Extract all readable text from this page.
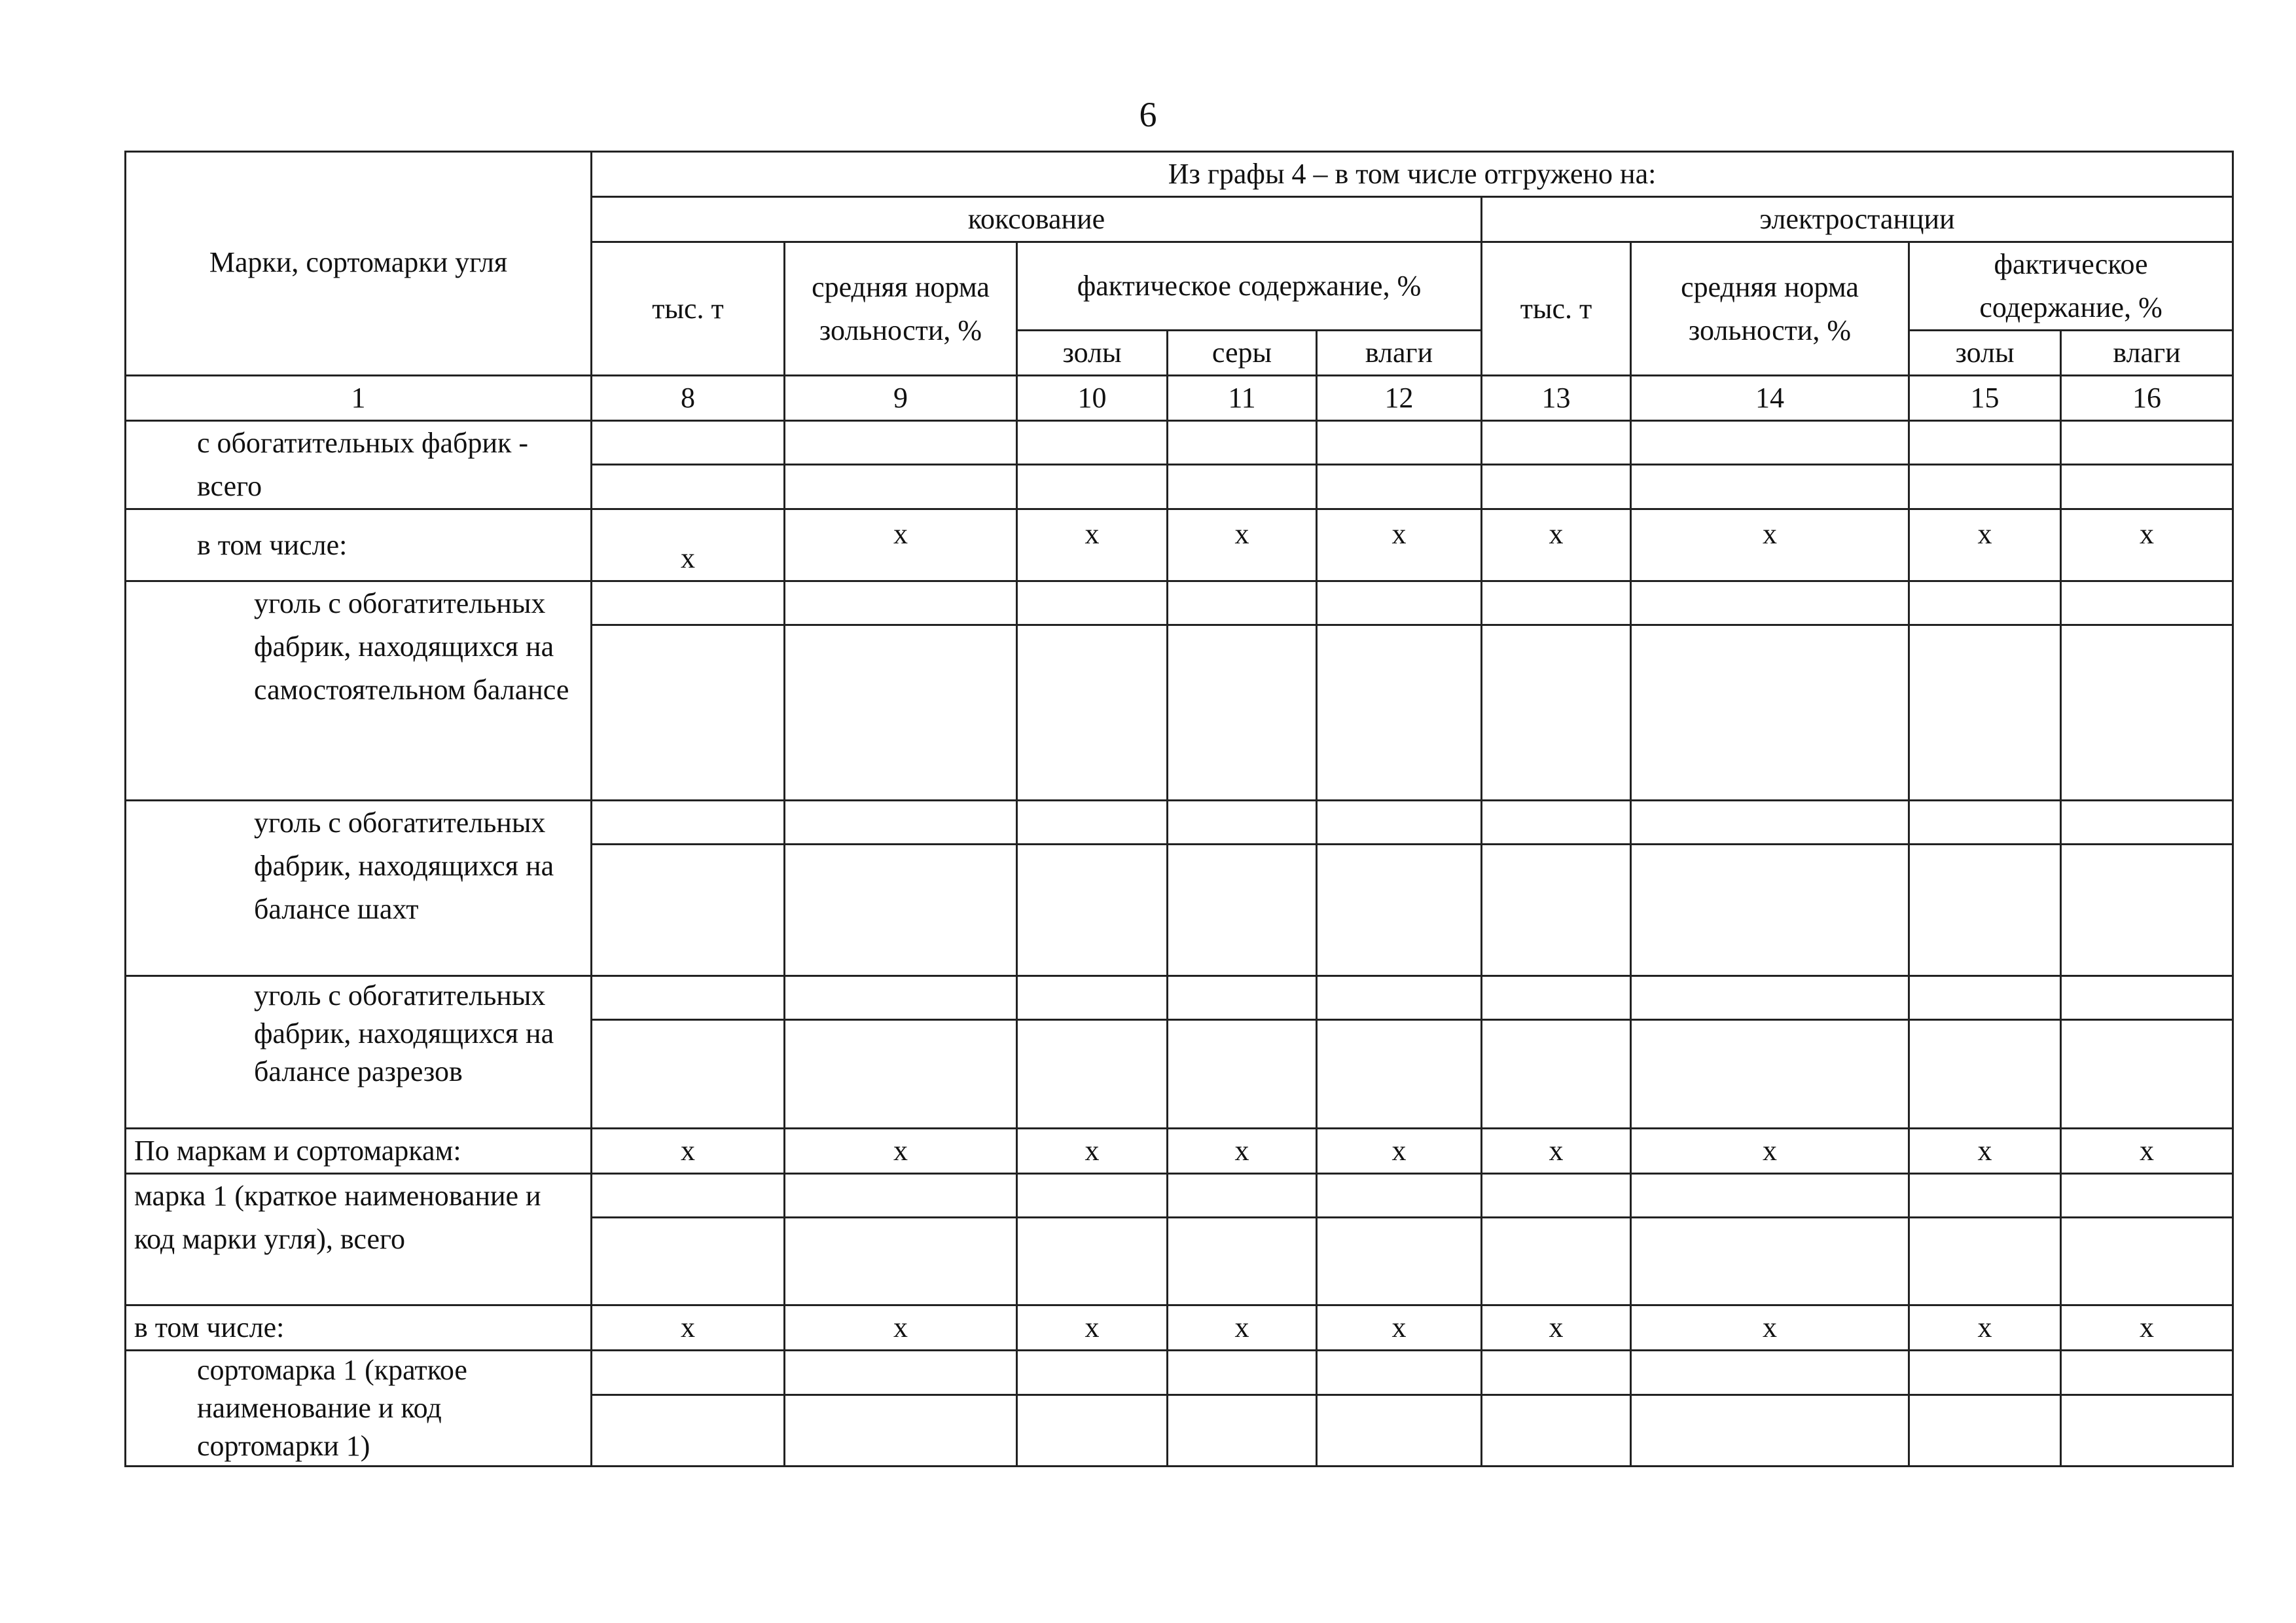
6
Марки, сортомарки угля	Из графы 4 – в том числе отгружено на:								
	коксование					электростанции			
	тыс. т	средняя норма зольности, %	фактическое содержание, %			тыс. т	средняя норма зольности, %	фактическое содержание, %	
			золы	серы	влаги			золы	влаги
1	8	9	10	11	12	13	14	15	16
с обогатительных фабрик - всего									

в том числе:	x	x	x	x	x	x	x	x	x
уголь с обогатительных фабрик, находящихся на самостоятельном балансе									

уголь с обогатительных фабрик, находящихся на балансе шахт									

уголь с обогатительных фабрик, находящихся на балансе разрезов									

По маркам и сортомаркам:	x	x	x	x	x	x	x	x	x
марка 1 (краткое наименование и код марки угля), всего									

в том числе:	x	x	x	x	x	x	x	x	x
сортомарка 1 (краткое наименование и код сортомарки 1)									
